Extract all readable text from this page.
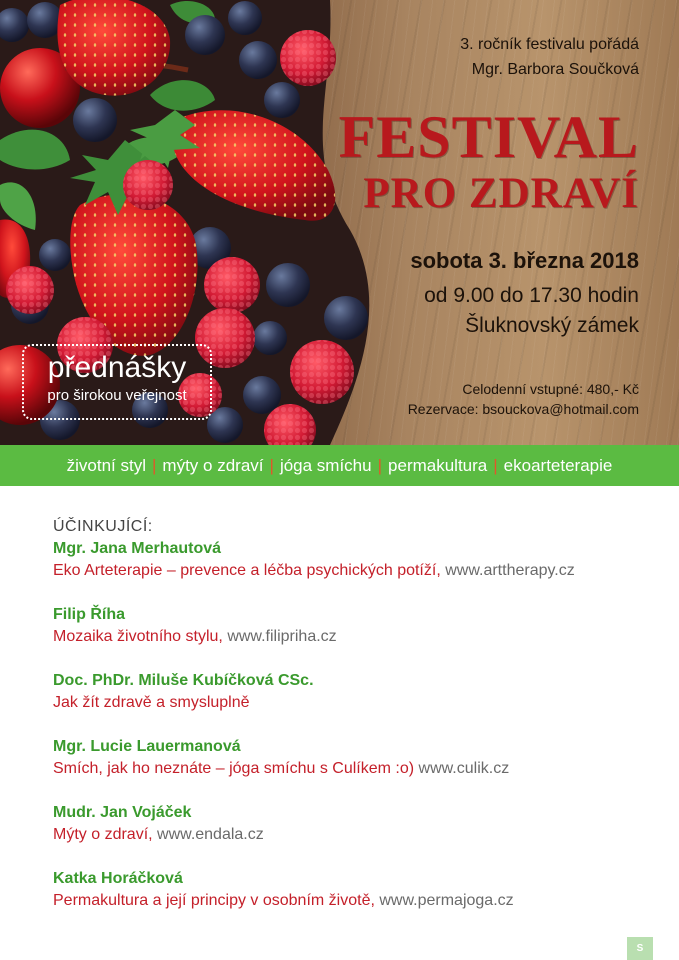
3. ročník festivalu pořádá
Mgr. Barbora Součková
FESTIVAL
PRO ZDRAVÍ
sobota 3. března 2018
od 9.00 do 17.30 hodin
Šluknovský zámek
Celodenní vstupné: 480,- Kč
Rezervace: bsouckova@hotmail.com
přednášky
pro širokou veřejnost
životní styl | mýty o zdraví | jóga smíchu | permakultura | ekoarteterapie
ÚČINKUJÍCÍ:
Mgr. Jana Merhautová
Eko Arteterapie – prevence a léčba psychických potíží, www.arttherapy.cz
Filip Říha
Mozaika životního stylu, www.filipriha.cz
Doc. PhDr. Miluše Kubíčková CSc.
Jak žít zdravě a smysluplně
Mgr. Lucie Lauermanová
Smích, jak ho neznáte – jóga smíchu s Culíkem :o) www.culik.cz
Mudr. Jan Vojáček
Mýty o zdraví, www.endala.cz
Katka Horáčková
Permakultura a její principy v osobním životě, www.permajoga.cz
S
